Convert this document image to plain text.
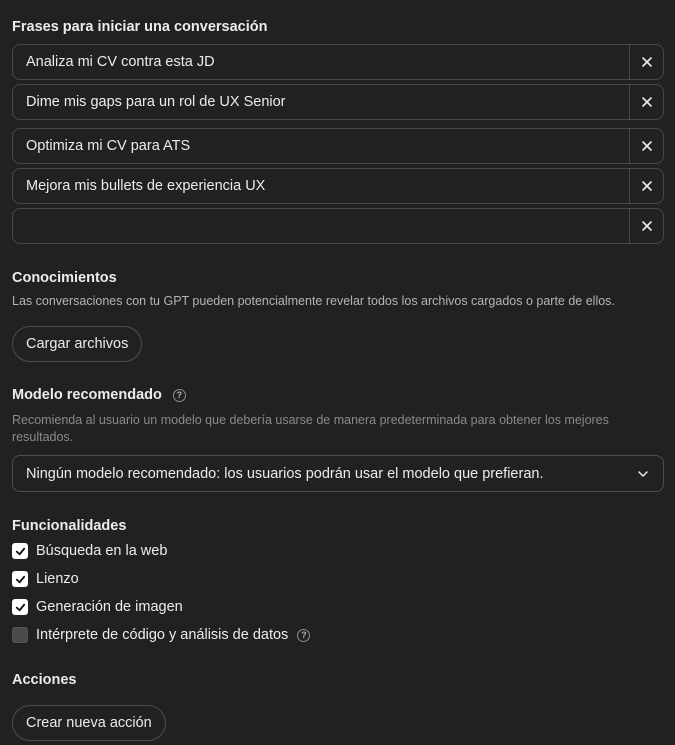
Frases para iniciar una conversación
Analiza mi CV contra esta JD
Dime mis gaps para un rol de UX Senior
Optimiza mi CV para ATS
Mejora mis bullets de experiencia UX
Conocimientos
Las conversaciones con tu GPT pueden potencialmente revelar todos los archivos cargados o parte de ellos.
Cargar archivos
Modelo recomendado	?
Recomienda al usuario un modelo que debería usarse de manera predeterminada para obtener los mejores resultados.
Ningún modelo recomendado: los usuarios podrán usar el modelo que prefieran.
Funcionalidades
Búsqueda en la web
Lienzo
Generación de imagen
Intérprete de código y análisis de datos	?
Acciones
Crear nueva acción
